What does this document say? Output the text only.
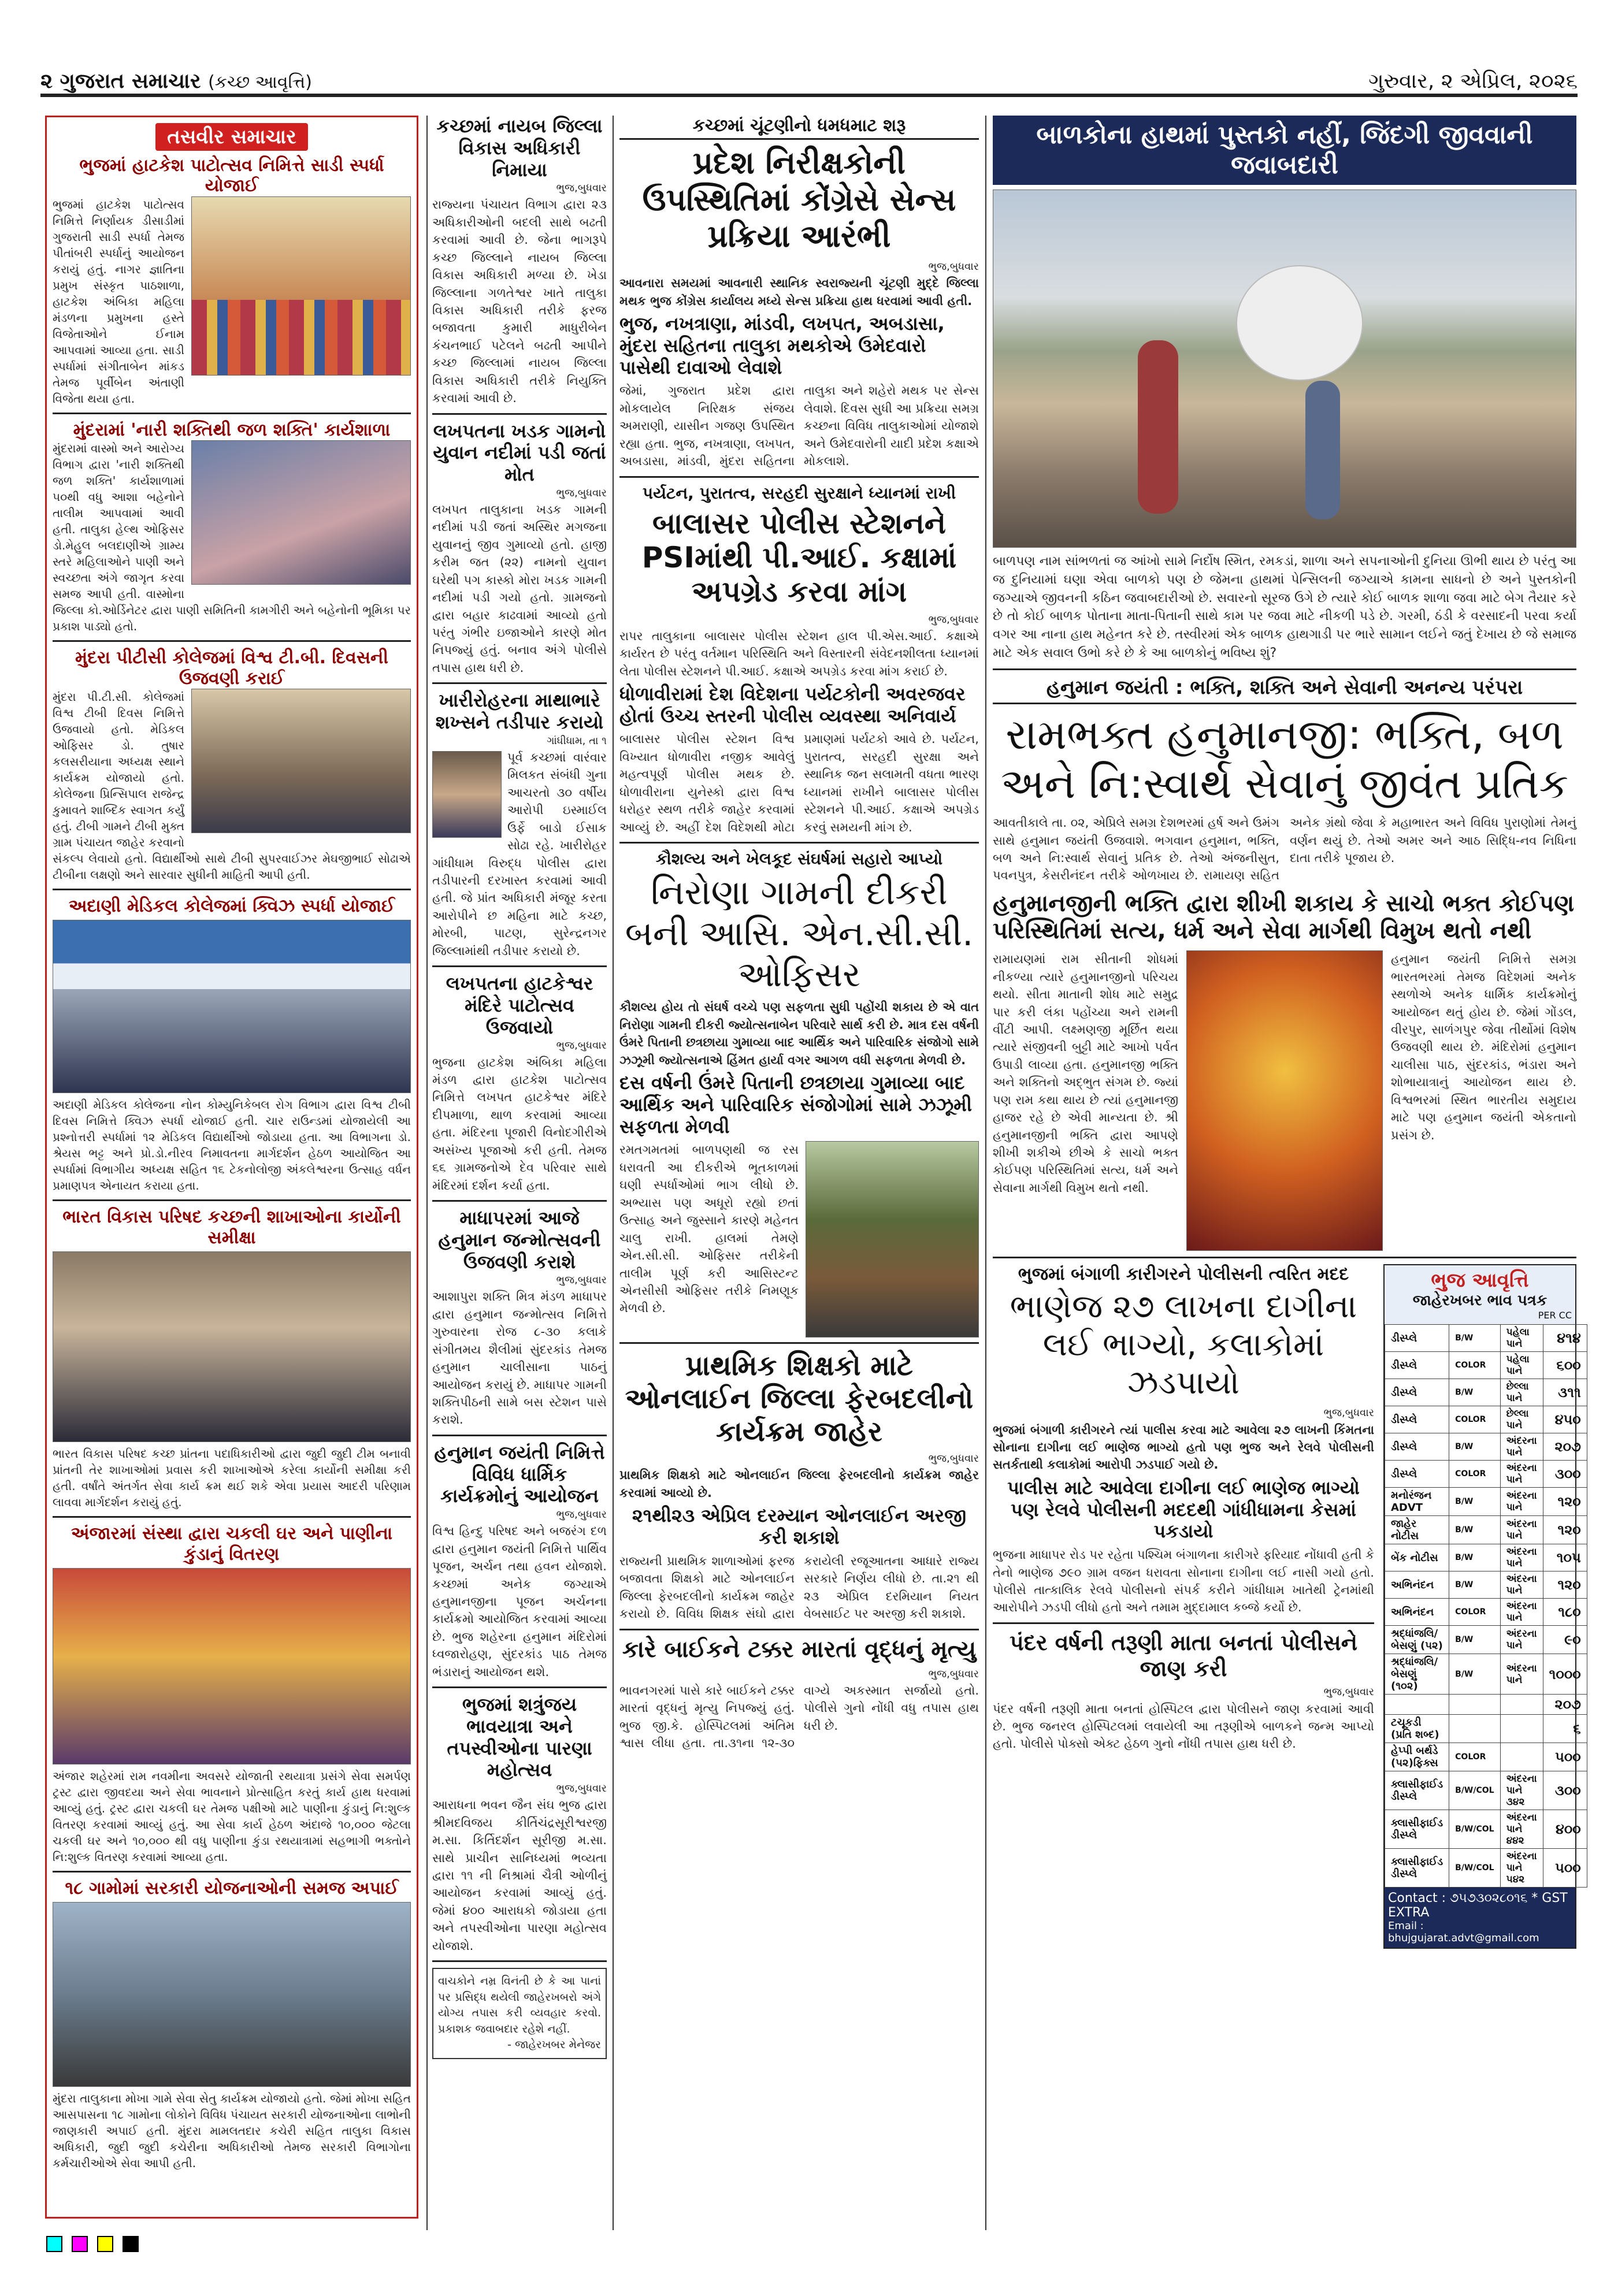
૨ ગુજરાત સમાચાર (કચ્છ આવૃત્તિ)	ગુરુવાર, ૨ એપ્રિલ, ૨૦૨૬
તસવીર સમાચાર
ભુજમાં હાટકેશ પાટોત્સવ નિમિત્તે સાડી સ્પર્ધા યોજાઈ
ભુજમાં હાટકેશ પાટોત્સવ નિમિત્તે નિર્ણાયક ડીસાડીમાં ગુજરાતી સાડી સ્પર્ધા તેમજ પીતાંબરી સ્પર્ધાનું આયોજન કરાયું હતું. નાગર જ્ઞાતિના પ્રમુખ સંસ્કૃત પાઠશાળા, હાટકેશ અંબિકા મહિલા મંડળના પ્રમુખના હસ્તે વિજેતાઓને ઈનામ આપવામાં આવ્યા હતા. સાડી સ્પર્ધામાં સંગીતાબેન માંકડ તેમજ પૂર્વીબેન અંતાણી વિજેતા થયા હતા.
મુંદરામાં 'નારી શક્તિથી જળ શક્તિ' કાર્યશાળા
મુંદરામાં વાસ્મો અને આરોગ્ય વિભાગ દ્વારા 'નારી શક્તિથી જળ શક્તિ' કાર્યશાળામાં ૫૦થી વધુ આશા બહેનોને તાલીમ આપવામાં આવી હતી. તાલુકા હેલ્થ ઓફિસર ડો.મેહુલ બલદાણીએ ગ્રામ્ય સ્તરે મહિલાઓને પાણી અને સ્વચ્છતા અંગે જાગૃત કરવા સમજ આપી હતી. વાસ્મોના જિલ્લા કો.ઓર્ડિનેટર દ્વારા પાણી સમિતિની કામગીરી અને બહેનોની ભૂમિકા પર પ્રકાશ પાડ્યો હતો.
મુંદરા પીટીસી કોલેજમાં વિશ્વ ટી.બી. દિવસની ઉજવણી કરાઈ
મુંદરા પી.ટી.સી. કોલેજમાં વિશ્વ ટીબી દિવસ નિમિત્તે ઉજવાયો હતો. મેડિકલ ઓફિસર ડો. તુષાર કલસરીયાના અધ્યક્ષ સ્થાને કાર્યક્રમ યોજાયો હતો. કોલેજના પ્રિન્સિપાલ રાજેન્દ્ર કુમાવતે શાબ્દિક સ્વાગત કર્યું હતું. ટીબી ગામને ટીબી મુક્ત ગ્રામ પંચાયત જાહેર કરવાનો સંકલ્પ લેવાયો હતો. વિદ્યાર્થીઓ સાથે ટીબી સુપરવાઈઝર મેઘજીભાઈ સોઢાએ ટીબીના લક્ષણો અને સારવાર સુધીની માહિતી આપી હતી.
અદાણી મેડિકલ કોલેજમાં ક્વિઝ સ્પર્ધા યોજાઈ
અદાણી મેડિકલ કોલેજના નોન કોમ્યુનિકેબલ રોગ વિભાગ દ્વારા વિશ્વ ટીબી દિવસ નિમિત્તે ક્વિઝ સ્પર્ધા યોજાઈ હતી. ચાર રાઉન્ડમાં યોજાયેલી આ પ્રશ્નોત્તરી સ્પર્ધામાં ૧૨ મેડિકલ વિદ્યાર્થીઓ જોડાયા હતા. આ વિભાગના ડો. શ્રેયસ ભટ્ટ અને પ્રો.ડો.નીરવ નિમાવતના માર્ગદર્શન હેઠળ આયોજિત આ સ્પર્ધામાં વિભાગીય અધ્યક્ષ સહિત ૧૬ ટેકનોલોજી અંકલેશ્વરના ઉત્સાહ વર્ધન પ્રમાણપત્ર એનાયત કરાયા હતા.
ભારત વિકાસ પરિષદ કચ્છની શાખાઓના કાર્યોની સમીક્ષા
ભારત વિકાસ પરિષદ કચ્છ પ્રાંતના પદાધિકારીઓ દ્વારા જુદી જુદી ટીમ બનાવી પ્રાંતની તેર શાખાઓમાં પ્રવાસ કરી શાખાઓએ કરેલા કાર્યોની સમીક્ષા કરી હતી. વર્ષાંતે અંતર્ગત સેવા કાર્ય ક્રમ થઈ શકે એવા પ્રયાસ આદરી પરિણામ લાવવા માર્ગદર્શન કરાયું હતું.
અંજારમાં સંસ્થા દ્વારા ચકલી ઘર અને પાણીના કુંડાનું વિતરણ
અંજાર શહેરમાં રામ નવમીના અવસરે યોજાતી રથયાત્રા પ્રસંગે સેવા સમર્પણ ટ્રસ્ટ દ્વારા જીવદયા અને સેવા ભાવનાને પ્રોત્સાહિત કરતું કાર્ય હાથ ધરવામાં આવ્યું હતું. ટ્રસ્ટ દ્વારા ચકલી ઘર તેમજ પક્ષીઓ માટે પાણીના કુંડાનું નિ:શુલ્ક વિતરણ કરવામાં આવ્યું હતું. આ સેવા કાર્ય હેઠળ અંદાજે ૧૦,૦૦૦ જેટલા ચકલી ઘર અને ૧૦,૦૦૦ થી વધુ પાણીના કુંડા રથયાત્રામાં સહભાગી ભક્તોને નિ:શુલ્ક વિતરણ કરવામાં આવ્યા હતા.
૧૮ ગામોમાં સરકારી યોજનાઓની સમજ અપાઈ
મુંદરા તાલુકાના મોખા ગામે સેવા સેતુ કાર્યક્રમ યોજાયો હતો. જેમાં મોખા સહિત આસપાસના ૧૮ ગામોના લોકોને વિવિધ પંચાયત સરકારી યોજનાઓના લાભોની જાણકારી અપાઈ હતી. મુંદરા મામલતદાર કચેરી સહિત તાલુકા વિકાસ અધિકારી, જુદી જુદી કચેરીના અધિકારીઓ તેમજ સરકારી વિભાગોના કર્મચારીઓએ સેવા આપી હતી.
કચ્છમાં નાયબ જિલ્લા વિકાસ અધિકારી નિમાયા
ભુજ,બુધવાર
રાજ્યના પંચાયત વિભાગ દ્વારા ૨૩ અધિકારીઓની બદલી સાથે બઢતી કરવામાં આવી છે. જેના ભાગરૂપે કચ્છ જિલ્લાને નાયબ જિલ્લા વિકાસ અધિકારી મળ્યા છે. ખેડા જિલ્લાના ગળતેશ્વર ખાતે તાલુકા વિકાસ અધિકારી તરીકે ફરજ બજાવતા કુમારી માધુરીબેન કંચનભાઈ પટેલને બઢતી આપીને કચ્છ જિલ્લામાં નાયબ જિલ્લા વિકાસ અધિકારી તરીકે નિયુક્તિ કરવામાં આવી છે.
લખપતના ખડક ગામનો યુવાન નદીમાં પડી જતાં મોત
ભુજ,બુધવાર
લખપત તાલુકાના ખડક ગામની નદીમાં પડી જતાં અસ્થિર મગજના યુવાનનું જીવ ગુમાવ્યો હતો. હાજી કરીમ જત (૨૨) નામનો યુવાન ઘરેથી પગ કાસ્કો મોરા ખડક ગામની નદીમાં પડી ગયો હતો. ગ્રામજનો દ્વારા બહાર કાઢવામાં આવ્યો હતો પરંતુ ગંભીર ઇજાઓને કારણે મોત નિપજ્યું હતું. બનાવ અંગે પોલીસે તપાસ હાથ ધરી છે.
ખારીરોહરના માથાભારે શખ્સને તડીપાર કરાયો
ગાંધીધામ, તા ૧
પૂર્વ કચ્છમાં વારંવાર મિલકત સંબંધી ગુના આચરતો ૩૦ વર્ષીય આરોપી ઇસ્માઈલ ઉર્ફે બાડો ઈસાક સોઢા રહે. ખારીરોહર ગાંધીધામ વિરુદ્ધ પોલીસ દ્વારા તડીપારની દરખાસ્ત કરવામાં આવી હતી. જે પ્રાંત અધિકારી મંજૂર કરતા આરોપીને છ મહિના માટે કચ્છ, મોરબી, પાટણ, સુરેન્દ્રનગર જિલ્લામાંથી તડીપાર કરાયો છે.
લખપતના હાટકેશ્વર મંદિરે પાટોત્સવ ઉજવાયો
ભુજ,બુધવાર
ભુજના હાટકેશ અંબિકા મહિલા મંડળ દ્વારા હાટકેશ પાટોત્સવ નિમિત્તે લખપત હાટકેશ્વર મંદિરે દીપમાળા, થાળ કરવામાં આવ્યા હતા. મંદિરના પૂજારી વિનોદગીરીએ અસંખ્ય પૂજાઓ કરી હતી. તેમજ ૬૬ ગ્રામજનોએ દેવ પરિવાર સાથે મંદિરમાં દર્શન કર્યા હતા.
માધાપરમાં આજે હનુમાન જન્મોત્સવની ઉજવણી કરાશે
ભુજ,બુધવાર
આશાપુરા શક્તિ મિત્ર મંડળ માધાપર દ્વારા હનુમાન જન્મોત્સવ નિમિત્તે ગુરુવારના રોજ ૮-૩૦ કલાકે સંગીતમય શૈલીમાં સુંદરકાંડ તેમજ હનુમાન ચાલીસાના પાઠનું આયોજન કરાયું છે. માધાપર ગામની શક્તિપીઠની સામે બસ સ્ટેશન પાસે કરાશે.
હનુમાન જયંતી નિમિત્તે વિવિધ ધાર્મિક કાર્યક્રમોનું આયોજન
ભુજ,બુધવાર
વિશ્વ હિન્દુ પરિષદ અને બજરંગ દળ દ્વારા હનુમાન જયંતી નિમિત્તે પાર્થિવ પૂજન, અર્ચન તથા હવન યોજાશે. કચ્છમાં અનેક જગ્યાએ હનુમાનજીના પૂજન અર્ચનના કાર્યક્રમો આયોજિત કરવામાં આવ્યા છે. ભુજ શહેરના હનુમાન મંદિરોમાં ધ્વજારોહણ, સુંદરકાંડ પાઠ તેમજ ભંડારાનું આયોજન થશે.
ભુજમાં શત્રુંજય ભાવયાત્રા અને તપસ્વીઓના પારણા મહોત્સવ
ભુજ,બુધવાર
આરાધના ભવન જૈન સંઘ ભુજ દ્વારા શ્રીમદવિજય કીર્તિચંદ્રસૂરીશ્વરજી મ.સા. કિર્તિદર્શન સૂરીજી મ.સા. સાથે પ્રાચીન સાનિધ્યમાં ભવ્યતા દ્વારા ૧૧ ની નિશ્રામાં ચૈત્રી ઓળીનું આયોજન કરવામાં આવ્યું હતું. જેમાં ૪૦૦ આરાધકો જોડાયા હતા અને તપસ્વીઓના પારણા મહોત્સવ યોજાશે.
વાચકોને નમ્ર વિનંતી છે કે આ પાનાં પર પ્રસિદ્ધ થયેલી જાહેરખબરો અંગે યોગ્ય તપાસ કરી વ્યવહાર કરવો. પ્રકાશક જવાબદાર રહેશે નહીં.
- જાહેરખબર મેનેજર
કચ્છમાં ચૂંટણીનો ધમધમાટ શરૂ
પ્રદેશ નિરીક્ષકોની ઉપસ્થિતિમાં કોંગ્રેસે સેન્સ પ્રક્રિયા આરંભી
ભુજ,બુધવાર
આવનારા સમયમાં આવનારી સ્થાનિક સ્વરાજ્યની ચૂંટણી મુદ્દે જિલ્લા મથક ભુજ કોંગ્રેસ કાર્યાલય મધ્યે સેન્સ પ્રક્રિયા હાથ ધરવામાં આવી હતી.
ભુજ, નખત્રાણા, માંડવી, લખપત, અબડાસા, મુંદરા સહિતના તાલુકા મથકોએ ઉમેદવારો પાસેથી દાવાઓ લેવાશે
જેમાં, ગુજરાત પ્રદેશ દ્વારા મોકલાયેલ નિરિક્ષક સંજય અમરાણી, યાસીન ગજણ ઉપસ્થિત રહ્યા હતા. ભુજ, નખત્રાણા, લખપત, અબડાસા, માંડવી, મુંદરા સહિતના તાલુકા અને શહેરો મથક પર સેન્સ લેવાશે. દિવસ સુધી આ પ્રક્રિયા સમગ્ર કચ્છના વિવિધ તાલુકાઓમાં યોજાશે અને ઉમેદવારોની યાદી પ્રદેશ કક્ષાએ મોકલાશે.
પર્યટન, પુરાતત્વ, સરહદી સુરક્ષાને ધ્યાનમાં રાખી
બાલાસર પોલીસ સ્ટેશનને PSIમાંથી પી.આઈ. કક્ષામાં અપગ્રેડ કરવા માંગ
ભુજ,બુધવાર
રાપર તાલુકાના બાલાસર પોલીસ સ્ટેશન હાલ પી.એસ.આઈ. કક્ષાએ કાર્યરત છે પરંતુ વર્તમાન પરિસ્થિતિ અને વિસ્તારની સંવેદનશીલતા ધ્યાનમાં લેતા પોલીસ સ્ટેશનને પી.આઈ. કક્ષાએ અપગ્રેડ કરવા માંગ કરાઈ છે.
ધોળાવીરામાં દેશ વિદેશના પર્યટકોની અવરજવર હોતાં ઉચ્ચ સ્તરની પોલીસ વ્યવસ્થા અનિવાર્ય
બાલાસર પોલીસ સ્ટેશન વિશ્વ વિખ્યાત ધોળાવીરા નજીક આવેલું મહત્વપૂર્ણ પોલીસ મથક છે. ધોળાવીરાના યુનેસ્કો દ્વારા વિશ્વ ધરોહર સ્થળ તરીકે જાહેર કરવામાં આવ્યું છે. અહીં દેશ વિદેશથી મોટા પ્રમાણમાં પર્યટકો આવે છે. પર્યટન, પુરાતત્વ, સરહદી સુરક્ષા અને સ્થાનિક જન સલામતી વધતા ભારણ ધ્યાનમાં રાખીને બાલાસર પોલીસ સ્ટેશનને પી.આઈ. કક્ષાએ અપગ્રેડ કરવું સમયની માંગ છે.
કૌશલ્ય અને ખેલકૂદ સંઘર્ષમાં સહારો આપ્યો
નિરોણા ગામની દીકરી બની આસિ. એન.સી.સી. ઓફિસર
કૌશલ્ય હોય તો સંઘર્ષ વચ્ચે પણ સફળતા સુધી પહોંચી શકાય છે એ વાત નિરોણા ગામની દીકરી જ્યોત્સનાબેન પરિવારે સાર્થ કરી છે. માત્ર દસ વર્ષની ઉંમરે પિતાની છત્રછાયા ગુમાવ્યા બાદ આર્થિક અને પારિવારિક સંજોગો સામે ઝઝૂમી જ્યોત્સનાએ હિંમત હાર્યા વગર આગળ વધી સફળતા મેળવી છે.
દસ વર્ષની ઉંમરે પિતાની છત્રછાયા ગુમાવ્યા બાદ આર્થિક અને પારિવારિક સંજોગોમાં સામે ઝઝૂમી સફળતા મેળવી
રમતગમતમાં બાળપણથી જ રસ ધરાવતી આ દીકરીએ ભૂતકાળમાં ઘણી સ્પર્ધાઓમાં ભાગ લીધો છે. અભ્યાસ પણ અધૂરો રહ્યો છતાં ઉત્સાહ અને જુસ્સાને કારણે મહેનત ચાલુ રાખી. હાલમાં તેમણે એન.સી.સી. ઓફિસર તરીકેની તાલીમ પૂર્ણ કરી આસિસ્ટન્ટ એનસીસી ઓફિસર તરીકે નિમણૂક મેળવી છે.
પ્રાથમિક શિક્ષકો માટે ઓનલાઈન જિલ્લા ફેરબદલીનો કાર્યક્રમ જાહેર
ભુજ,બુધવાર
પ્રાથમિક શિક્ષકો માટે ઓનલાઈન જિલ્લા ફેરબદલીનો કાર્યક્રમ જાહેર કરવામાં આવ્યો છે.
૨૧થી૨૩ એપ્રિલ દરમ્યાન ઓનલાઈન અરજી કરી શકાશે
રાજ્યની પ્રાથમિક શાળાઓમાં ફરજ બજાવતા શિક્ષકો માટે ઓનલાઈન જિલ્લા ફેરબદલીનો કાર્યક્રમ જાહેર કરાયો છે. વિવિધ શિક્ષક સંઘો દ્વારા કરાયેલી રજૂઆતના આધારે રાજ્ય સરકારે નિર્ણય લીધો છે. તા.૨૧ થી ૨૩ એપ્રિલ દરમિયાન નિયત વેબસાઈટ પર અરજી કરી શકાશે.
કારે બાઈકને ટક્કર મારતાં વૃદ્ધનું મૃત્યુ
ભુજ,બુધવાર
ભાવનગરમાં પાસે કારે બાઈકને ટક્કર મારતાં વૃદ્ધનું મૃત્યુ નિપજ્યું હતું. ભુજ જી.કે. હોસ્પિટલમાં અંતિમ શ્વાસ લીધા હતા. તા.૩૧ના ૧૨-૩૦ વાગ્યે અકસ્માત સર્જાયો હતો. પોલીસે ગુનો નોંધી વધુ તપાસ હાથ ધરી છે.
બાળકોના હાથમાં પુસ્તકો નહીં, જિંદગી જીવવાની જવાબદારી
બાળપણ નામ સાંભળતાં જ આંખો સામે નિર્દોષ સ્મિત, રમકડાં, શાળા અને સપનાઓની દુનિયા ઊભી થાય છે પરંતુ આ જ દુનિયામાં ઘણા એવા બાળકો પણ છે જેમના હાથમાં પેન્સિલની જગ્યાએ કામના સાધનો છે અને પુસ્તકોની જગ્યાએ જીવનની કઠિન જવાબદારીઓ છે. સવારનો સૂરજ ઉગે છે ત્યારે કોઈ બાળક શાળા જવા માટે બેગ તૈયાર કરે છે તો કોઈ બાળક પોતાના માતા-પિતાની સાથે કામ પર જવા માટે નીકળી પડે છે. ગરમી, ઠંડી કે વરસાદની પરવા કર્યા વગર આ નાના હાથ મહેનત કરે છે. તસ્વીરમાં એક બાળક હાથગાડી પર ભારે સામાન લઈને જતું દેખાય છે જે સમાજ માટે એક સવાલ ઉભો કરે છે કે આ બાળકોનું ભવિષ્ય શું?
હનુમાન જયંતી : ભક્તિ, શક્તિ અને સેવાની અનન્ય પરંપરા
રામભક્ત હનુમાનજી: ભક્તિ, બળ અને નિ:સ્વાર્થ સેવાનું જીવંત પ્રતિક
આવતીકાલે તા. ૦૨, એપ્રિલે સમગ્ર દેશભરમાં હર્ષ અને ઉમંગ સાથે હનુમાન જયંતી ઉજવાશે. ભગવાન હનુમાન, ભક્તિ, બળ અને નિ:સ્વાર્થ સેવાનું પ્રતિક છે. તેઓ અંજનીસુત, પવનપુત્ર, કેસરીનંદન તરીકે ઓળખાય છે. રામાયણ સહિત અનેક ગ્રંથો જેવા કે મહાભારત અને વિવિધ પુરાણોમાં તેમનું વર્ણન થયું છે. તેઓ અમર અને આઠ સિદ્ધિ-નવ નિધિના દાતા તરીકે પૂજાય છે.
હનુમાનજીની ભક્તિ દ્વારા શીખી શકાય કે સાચો ભક્ત કોઈપણ પરિસ્થિતિમાં સત્ય, ધર્મ અને સેવા માર્ગથી વિમુખ થતો નથી
રામાયણમાં રામ સીતાની શોધમાં નીકળ્યા ત્યારે હનુમાનજીનો પરિચય થયો. સીતા માતાની શોધ માટે સમુદ્ર પાર કરી લંકા પહોંચ્યા અને રામની વીંટી આપી. લક્ષ્મણજી મૂર્છિત થયા ત્યારે સંજીવની બુટ્ટી માટે આખો પર્વત ઉપાડી લાવ્યા હતા. હનુમાનજી ભક્તિ અને શક્તિનો અદ્ભુત સંગમ છે. જ્યાં પણ રામ કથા થાય છે ત્યાં હનુમાનજી હાજર રહે છે એવી માન્યતા છે. શ્રી હનુમાનજીની ભક્તિ દ્વારા આપણે શીખી શકીએ છીએ કે સાચો ભક્ત કોઈપણ પરિસ્થિતિમાં સત્ય, ધર્મ અને સેવાના માર્ગથી વિમુખ થતો નથી.
હનુમાન જયંતી નિમિત્તે સમગ્ર ભારતભરમાં તેમજ વિદેશમાં અનેક સ્થળોએ અનેક ધાર્મિક કાર્યક્રમોનું આયોજન થતું હોય છે. જેમાં ગોંડલ, વીરપુર, સાળંગપુર જેવા તીર્થોમાં વિશેષ ઉજવણી થાય છે. મંદિરોમાં હનુમાન ચાલીસા પાઠ, સુંદરકાંડ, ભંડારા અને શોભાયાત્રાનું આયોજન થાય છે. વિશ્વભરમાં સ્થિત ભારતીય સમુદાય માટે પણ હનુમાન જયંતી એકતાનો પ્રસંગ છે.
ભુજમાં બંગાળી કારીગરને પોલીસની ત્વરિત મદદ
ભાણેજ ૨૭ લાખના દાગીના લઈ ભાગ્યો, કલાકોમાં ઝડપાયો
ભુજ,બુધવાર
ભુજમાં બંગાળી કારીગરને ત્યાં પાલીસ કરવા માટે આવેલા ૨૭ લાખની કિંમતના સોનાના દાગીના લઈ ભાણેજ ભાગ્યો હતો પણ ભુજ અને રેલવે પોલીસની સતર્કતાથી કલાકોમાં આરોપી ઝડપાઈ ગયો છે.
પાલીસ માટે આવેલા દાગીના લઈ ભાણેજ ભાગ્યો પણ રેલવે પોલીસની મદદથી ગાંધીધામના કેસમાં પકડાયો
ભુજના માધાપર રોડ પર રહેતા પશ્ચિમ બંગાળના કારીગરે ફરિયાદ નોંધાવી હતી કે તેનો ભાણેજ ૭૯૦ ગ્રામ વજન ધરાવતા સોનાના દાગીના લઈ નાસી ગયો હતો. પોલીસે તાત્કાલિક રેલવે પોલીસનો સંપર્ક કરીને ગાંધીધામ ખાતેથી ટ્રેનમાંથી આરોપીને ઝડપી લીધો હતો અને તમામ મુદ્દામાલ કબ્જે કર્યો છે.
પંદર વર્ષની તરૂણી માતા બનતાં પોલીસને જાણ કરી
ભુજ,બુધવાર
પંદર વર્ષની તરૂણી માતા બનતાં હોસ્પિટલ દ્વારા પોલીસને જાણ કરવામાં આવી છે. ભુજ જનરલ હોસ્પિટલમાં લવાયેલી આ તરૂણીએ બાળકને જન્મ આપ્યો હતો. પોલીસે પોક્સો એક્ટ હેઠળ ગુનો નોંધી તપાસ હાથ ધરી છે.
ભુજ આવૃત્તિ
જાહેરખબર ભાવ પત્રક
PER CC
ડીસ્પ્લે	B/W	પહેલા પાને	૪૧૪
ડીસ્પ્લે	COLOR	પહેલા પાને	૬૦૦
ડીસ્પ્લે	B/W	છેલ્લા પાને	૩૧૧
ડીસ્પ્લે	COLOR	છેલ્લા પાને	૪૫૦
ડીસ્પ્લે	B/W	અંદરના પાને	૨૦૭
ડીસ્પ્લે	COLOR	અંદરના પાને	૩૦૦
મનોરંજન ADVT	B/W	અંદરના પાને	૧૨૦
જાહેર નોટીસ	B/W	અંદરના પાને	૧૨૦
બેંક નોટીસ	B/W	અંદરના પાને	૧૦૫
અભિનંદન	B/W	અંદરના પાને	૧૨૦
અભિનંદન	COLOR	અંદરના પાને	૧૮૦
શ્રદ્ધાંજલિ/બેસણું (૫૨)	B/W	અંદરના પાને	૯૦
શ્રદ્ધાંજલિ/બેસણું (૧૦૨)	B/W	અંદરના પાને	૧૦૦૦
			૨૦૭
ટચૂકડી (પ્રતિ શબ્દ)			૬
હેપ્પી બર્થડે (૫૨)ફિક્સ	COLOR		૫૦૦
ક્લાસીફાઈડ ડીસ્પ્લે	B/W/COL	અંદરના પાને ૩૪૨	૩૦૦
ક્લાસીફાઈડ ડીસ્પ્લે	B/W/COL	અંદરના પાને ૪૪૨	૪૦૦
ક્લાસીફાઈડ ડીસ્પ્લે	B/W/COL	અંદરના પાને ૫૪૨	૫૦૦
Contact : ૭૫૭૩૦૨૮૦૧૬ * GST EXTRA
Email : bhujgujarat.advt@gmail.com
